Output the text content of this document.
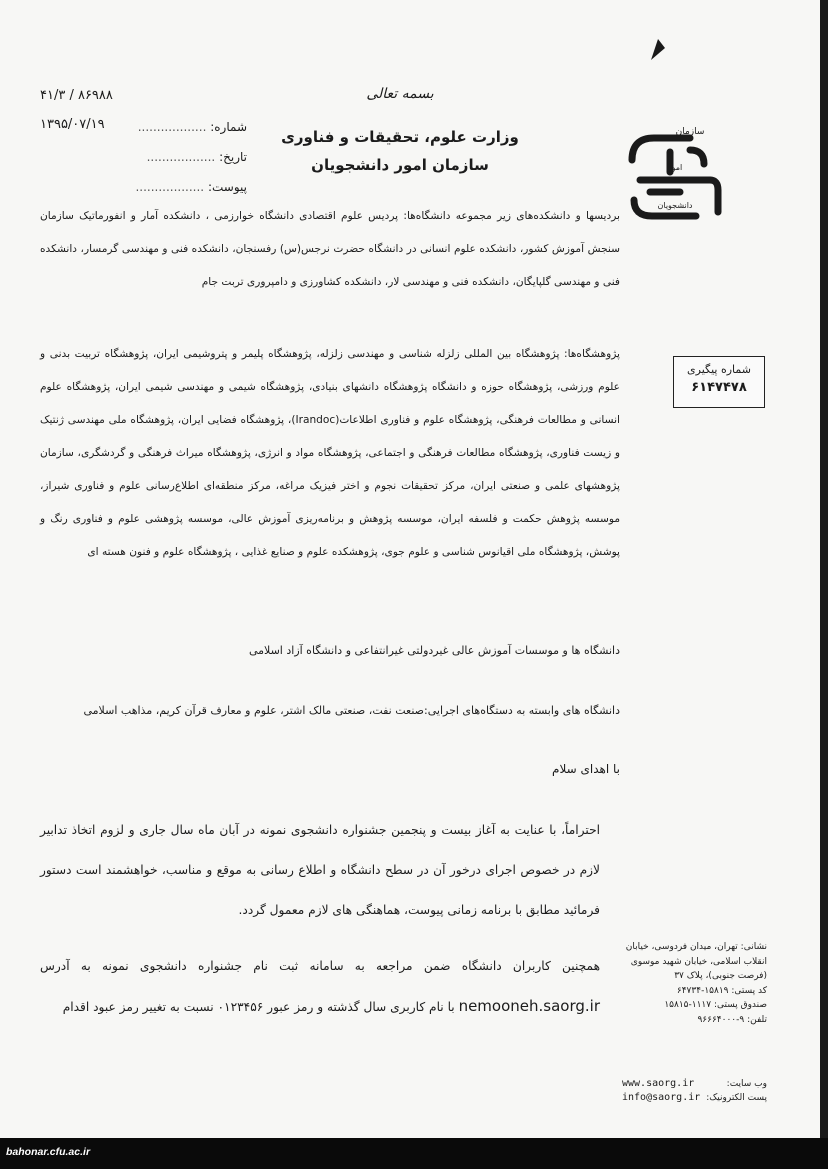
۴۱/۳ / ۸۶۹۸۸
۱۳۹۵/۰۷/۱۹	شماره: ..................
تاریخ: ..................
پیوست: ..................
بسمه تعالی
وزارت علوم، تحقیقات و فناوری
سازمان امور دانشجویان
سازمان
امور
دانشجویان
شماره پیگیری
۶۱۴۷۴۷۸
بردیسها و دانشکده‌های زیر مجموعه دانشگاه‌ها: پردیس علوم اقتصادی دانشگاه خوارزمی ، دانشکده آمار و انفورماتیک سازمان سنجش آموزش کشور، دانشکده علوم انسانی در دانشگاه حضرت نرجس(س) رفسنجان، دانشکده فنی و مهندسی گرمسار، دانشکده فنی و مهندسی گلپایگان، دانشکده فنی و مهندسی لار، دانشکده کشاورزی و دامپروری تربت جام
پژوهشگاه‌ها: پژوهشگاه بین المللی زلزله شناسی و مهندسی زلزله، پژوهشگاه پلیمر و پتروشیمی ایران، پژوهشگاه تربیت بدنی و علوم ورزشی، پژوهشگاه حوزه و دانشگاه پژوهشگاه دانشهای بنیادی، پژوهشگاه شیمی و مهندسی شیمی ایران، پژوهشگاه علوم انسانی و مطالعات فرهنگی، پژوهشگاه علوم و فناوری اطلاعات(Irandoc)، پژوهشگاه فضایی ایران، پژوهشگاه ملی مهندسی ژنتیک و زیست فناوری، پژوهشگاه مطالعات فرهنگی و اجتماعی، پژوهشگاه مواد و انرژی، پژوهشگاه میراث فرهنگی و گردشگری، سازمان پژوهشهای علمی و صنعتی ایران، مرکز تحقیقات نجوم و اختر فیزیک مراغه، مرکز منطقه‌ای اطلاع‌رسانی علوم و فناوری شیراز، موسسه پژوهش حکمت و فلسفه ایران، موسسه پژوهش و برنامه‌ریزی آموزش عالی، موسسه پژوهشی علوم و فناوری رنگ و پوشش، پژوهشگاه ملی اقیانوس شناسی و علوم جوی، پژوهشکده علوم و صنایع غذایی ، پژوهشگاه علوم و فنون هسته ای
دانشگاه ها و موسسات آموزش عالی غیردولتی غیرانتفاعی و دانشگاه آزاد اسلامی
دانشگاه های وابسته به دستگاه‌های اجرایی:صنعت نفت، صنعتی مالک اشتر، علوم و معارف قرآن کریم، مذاهب اسلامی
با اهدای سلام
احتراماً، با عنایت به آغاز بیست و پنجمین جشنواره دانشجوی نمونه در آبان ماه سال جاری و لزوم اتخاذ تدابیر لازم در خصوص اجرای درخور آن در سطح دانشگاه و اطلاع رسانی به موقع و مناسب، خواهشمند است دستور فرمائید مطابق با برنامه زمانی پیوست، هماهنگی های لازم معمول گردد.
همچنین کاربران دانشگاه ضمن مراجعه به سامانه ثبت نام جشنواره دانشجوی نمونه به آدرس nemooneh.saorg.ir با نام کاربری سال گذشته و رمز عبور ۰۱۲۳۴۵۶ نسبت به تغییر رمز عبود اقدام
نشانی: تهران، میدان فردوسی، خیابان انقلاب اسلامی، خیابان شهید موسوی (فرصت جنوبی)، پلاک ۳۷
کد پستی: ۱۵۸۱۹-۶۴۷۳۴
صندوق پستی: ۱۱۱۷-۱۵۸۱۵
تلفن: ۹-۹۶۶۶۴۰۰۰
www.saorg.ir	وب سایت:
info@saorg.ir پست الکترونیک:
bahonar.cfu.ac.ir
